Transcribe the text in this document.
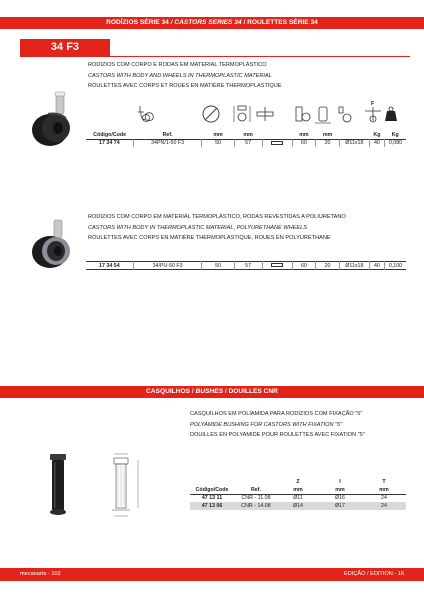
RODÍZIOS SÉRIE 34 / CASTORS SERIES 34 / ROULETTES SÉRIE 34
34 F3
RODÍZIOS COM CORPO E RODAS EM MATERIAL TERMOPLÁSTICO
CASTORS WITH BODY AND WHEELS IN THERMOPLASTIC MATERIAL
ROULETTES AVEC CORPS ET ROUES EN MATIÈRE THERMOPLASTIQUE
F
Código/Code	Ref.	mm	mm		mm	mm		Kg	Kg
17 34 74	34PN/1-50 F3	50	57		60	20	Ø11x18	40	0,080
RODÍZIOS COM CORPO EM MATERIAL TERMOPLÁSTICO, RODAS REVESTIDAS A POLIURETANO
CASTORS WITH BODY IN THERMOPLASTIC MATERIAL, POLYURETHANE WHEELS
ROULETTES AVEC CORPS EN MATIÈRE THERMOPLASTIQUE, ROUES EN POLYURÉTHANE
17 34 54	34/PU-50 F3	50	57		60	20	Ø11x18	40	0,100
CASQUILHOS / BUSHES / DOUILLES CNR
CASQUILHOS EM POLIAMIDA PARA RODÍZIOS COM FIXAÇÃO "5"
POLYAMIDE BUSHING FOR CASTORS WITH FIXATION "5"
DOUILLES EN POLYAMIDE POUR ROULETTES AVEC FIXATION "5"
		Z	I	T
Código/Code	Ref.	mm	mm	mm
47 13 11	CNR - 11.08	Ø11	Ø16	24
47 13 06	CNR - 14.08	Ø14	Ø17	24
mecanarte - 102	EDIÇÃO / EDITION - 16
